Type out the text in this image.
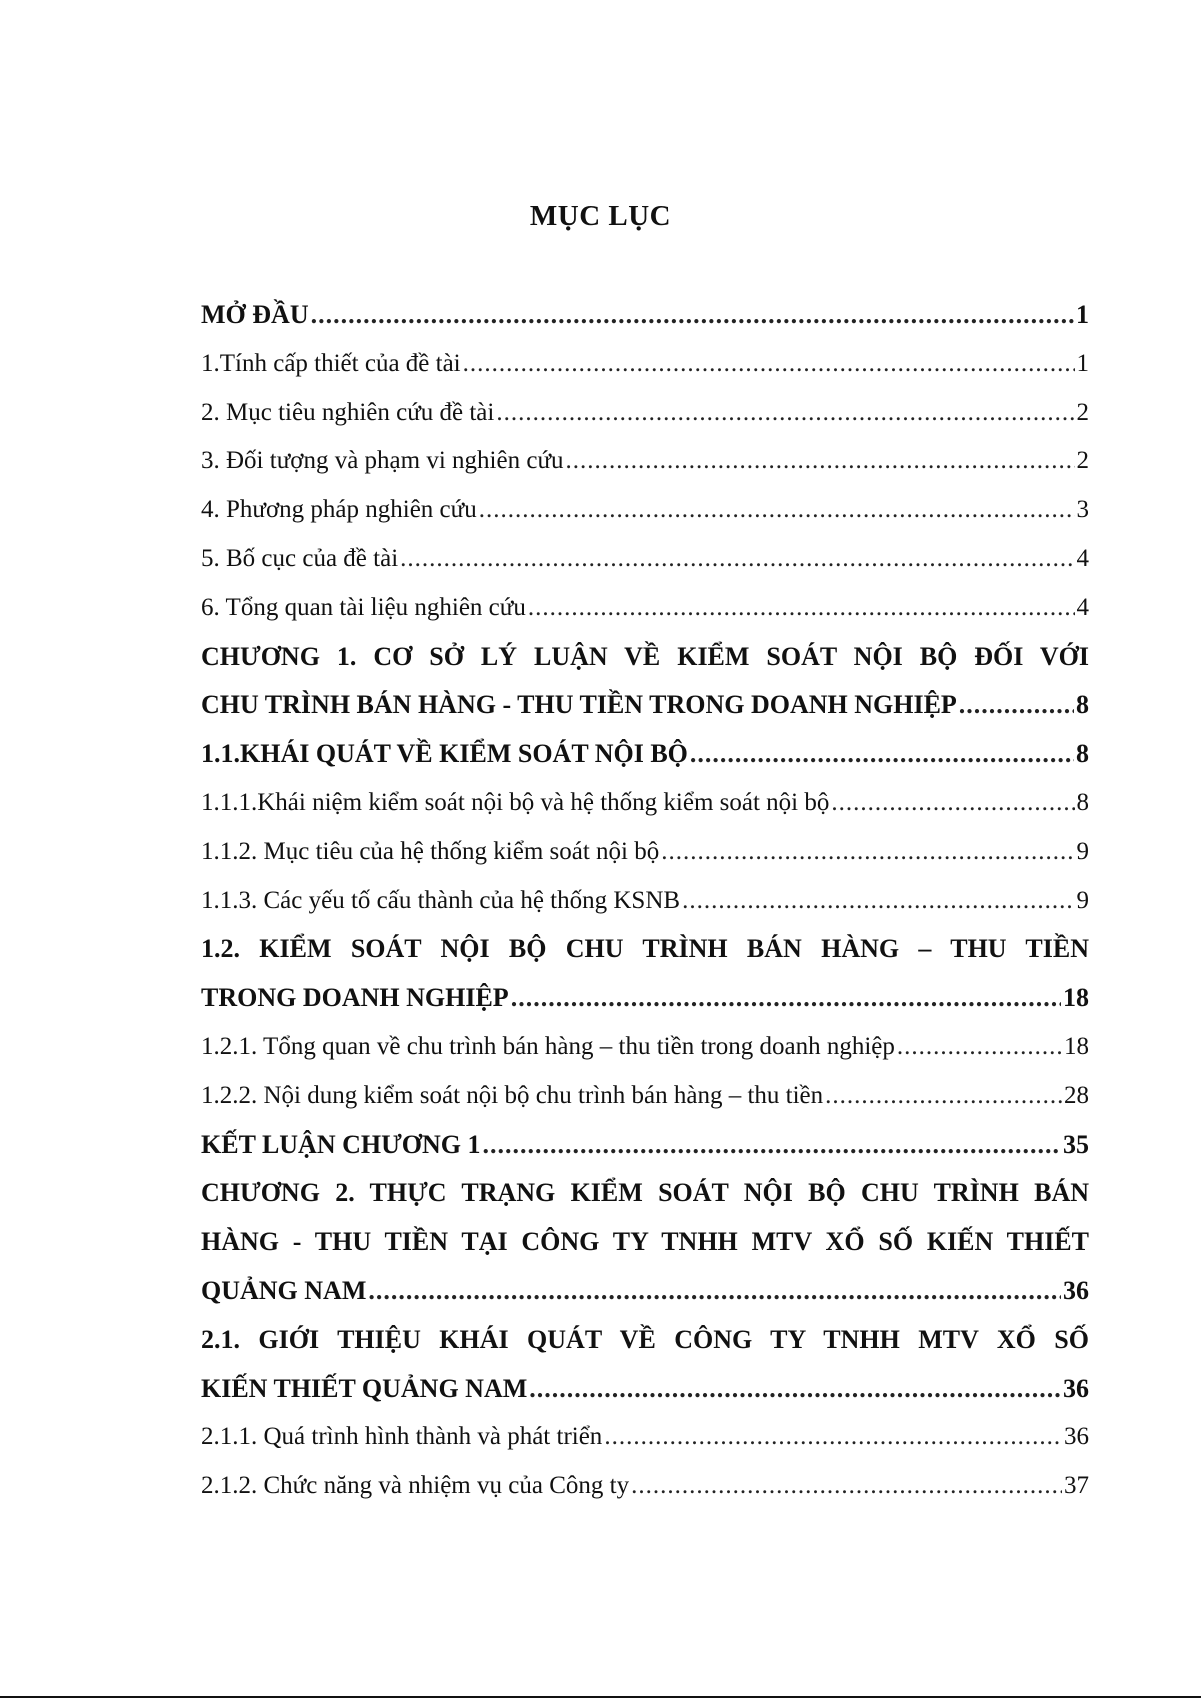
MỤC LỤC
MỞ ĐẦU .....	1
1.Tính cấp thiết của đề tài .....	1
2. Mục tiêu nghiên cứu đề tài .....	2
3. Đối tượng và phạm vi nghiên cứu .....	2
4. Phương pháp nghiên cứu .....	3
5. Bố cục của đề tài .....	4
6. Tổng quan tài liệu nghiên cứu .....	4
CHƯƠNG 1. CƠ SỞ LÝ LUẬN VỀ KIỂM SOÁT NỘI BỘ ĐỐI VỚI
CHU TRÌNH BÁN HÀNG - THU TIỀN TRONG DOANH NGHIỆP .....	8
1.1.KHÁI QUÁT VỀ KIỂM SOÁT NỘI BỘ .....	8
1.1.1.Khái niệm kiểm soát nội bộ và hệ thống kiểm soát nội bộ .....	8
1.1.2. Mục tiêu của hệ thống kiểm soát nội bộ .....	9
1.1.3. Các yếu tố cấu thành của hệ thống KSNB .....	9
1.2. KIỂM SOÁT NỘI BỘ CHU TRÌNH BÁN HÀNG – THU TIỀN
TRONG DOANH NGHIỆP .....	18
1.2.1. Tổng quan về chu trình bán hàng – thu tiền trong doanh nghiệp .....	18
1.2.2. Nội dung kiểm soát nội bộ chu trình bán hàng – thu tiền .....	28
KẾT LUẬN CHƯƠNG 1 .....	35
CHƯƠNG 2. THỰC TRẠNG KIỂM SOÁT NỘI BỘ CHU TRÌNH BÁN
HÀNG - THU TIỀN TẠI CÔNG TY TNHH MTV XỔ SỐ KIẾN THIẾT
QUẢNG NAM .....	36
2.1. GIỚI THIỆU KHÁI QUÁT VỀ CÔNG TY TNHH MTV XỔ SỐ
KIẾN THIẾT QUẢNG NAM .....	36
2.1.1. Quá trình hình thành và phát triển .....	36
2.1.2. Chức năng và nhiệm vụ của Công ty .....	37
